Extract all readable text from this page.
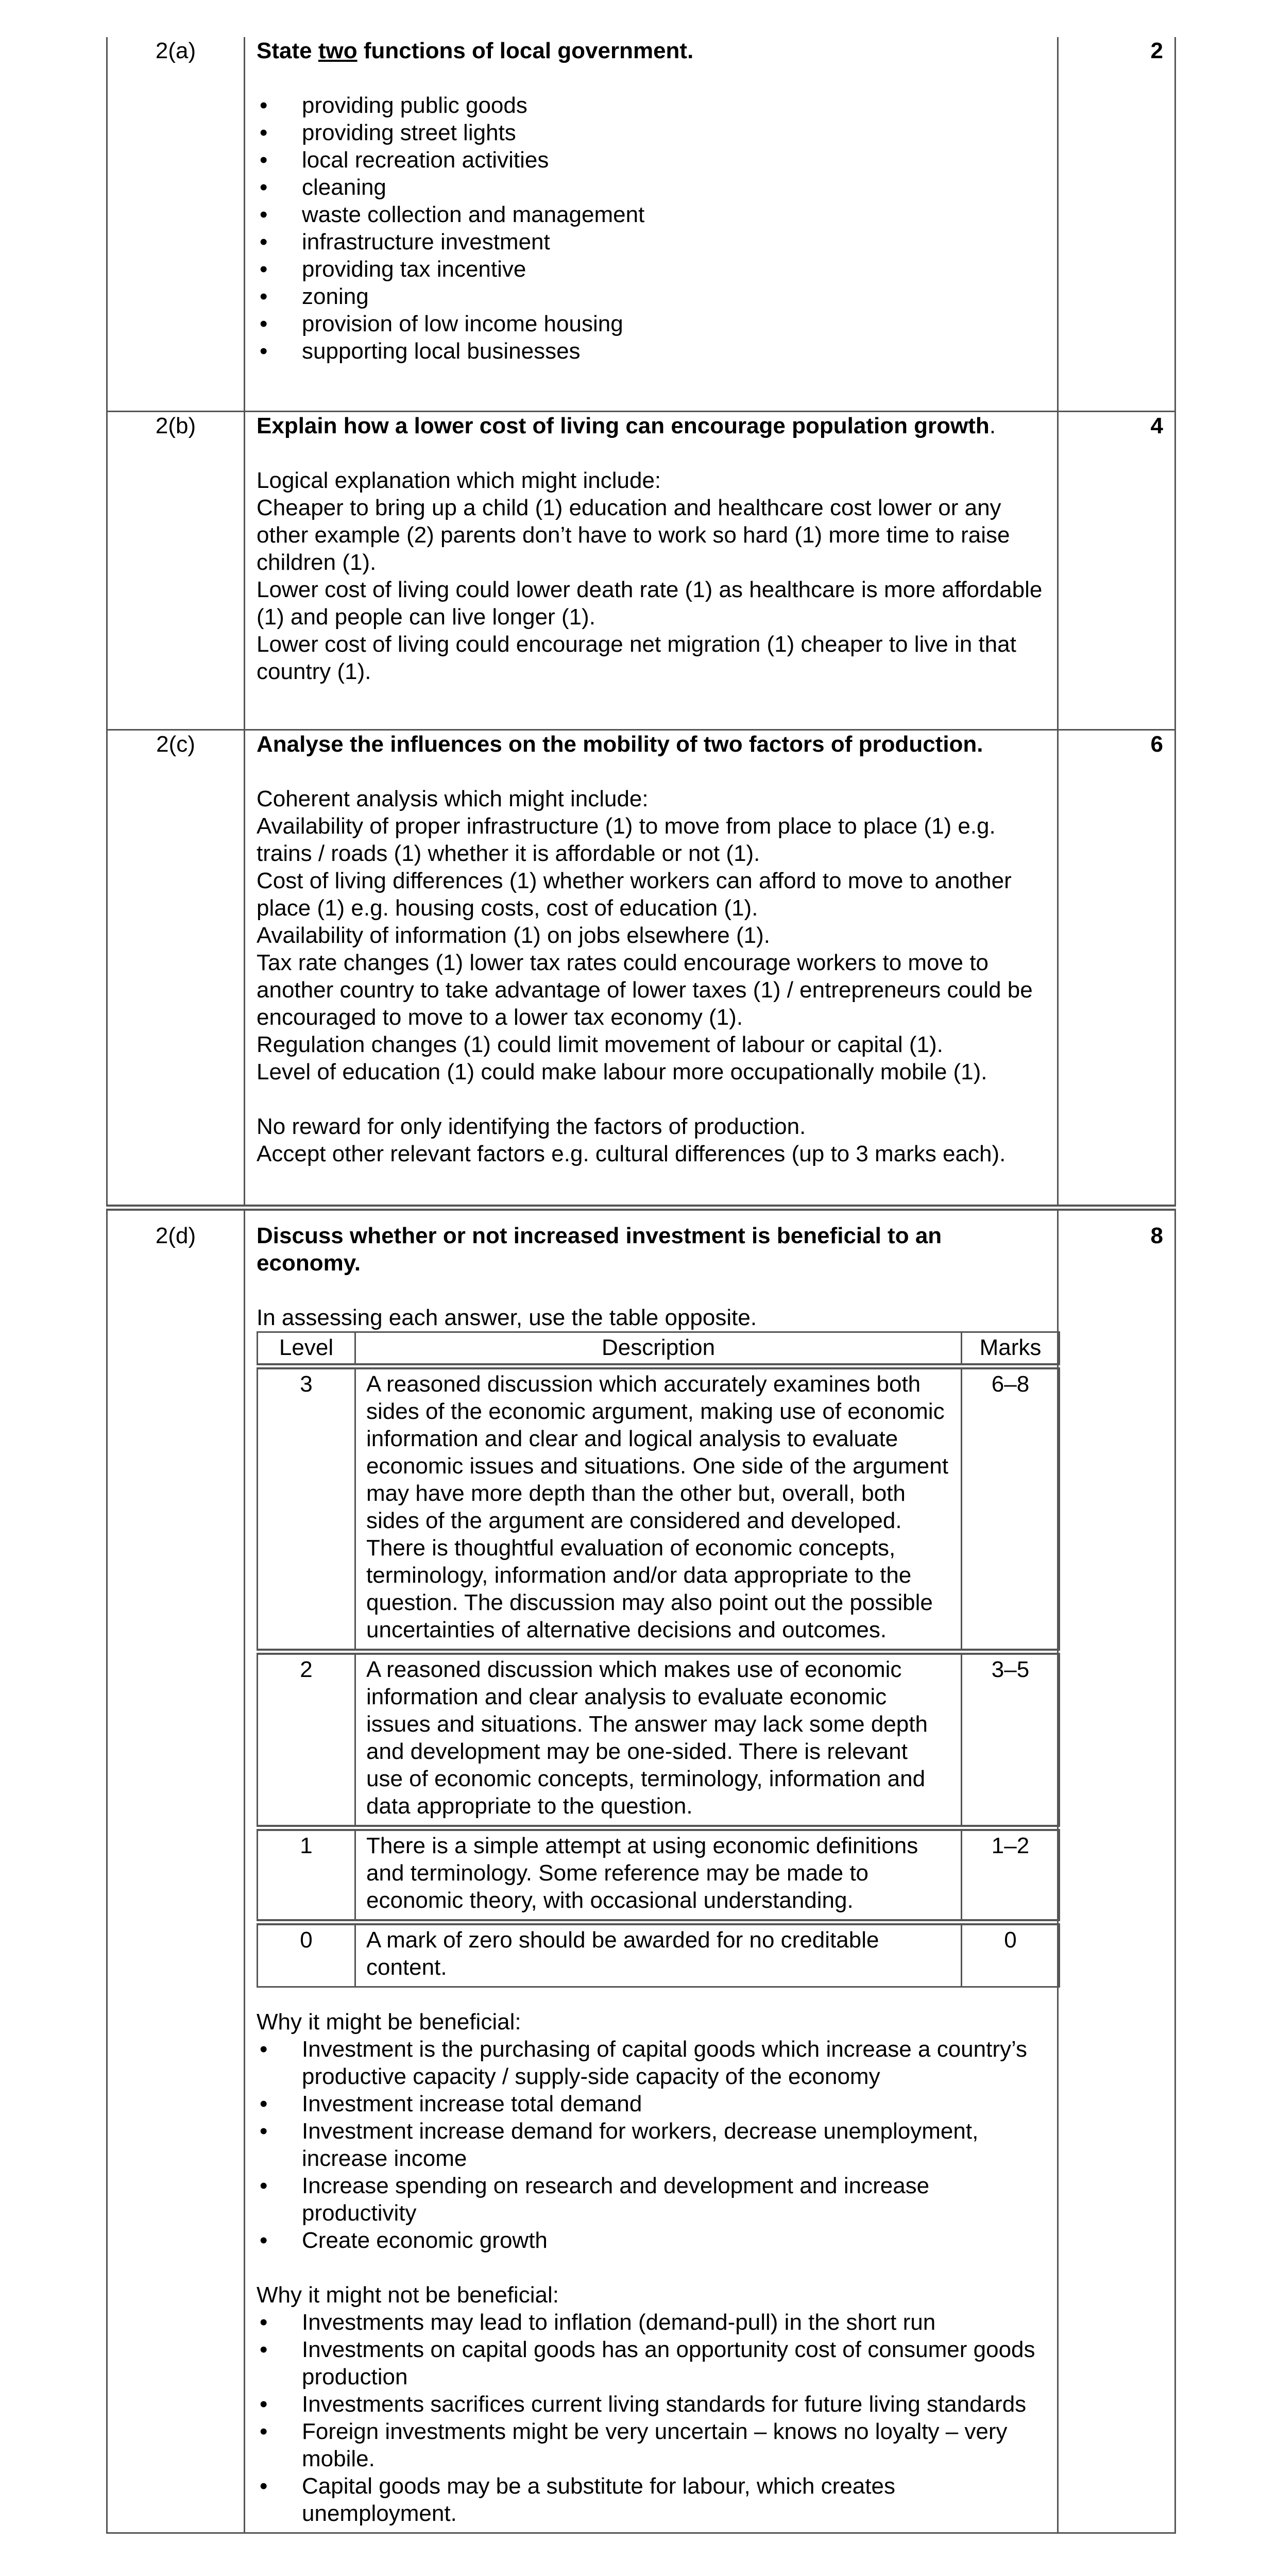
2(a)	State two functions of local government.

• providing public goods
• providing street lights
• local recreation activities
• cleaning
• waste collection and management
• infrastructure investment
• providing tax incentive
• zoning
• provision of low income housing
• supporting local businesses
	2
2(b)	Explain how a lower cost of living can encourage population growth.

Logical explanation which might include:

Cheaper to bring up a child (1) education and healthcare cost lower or any other example (2) parents don’t have to work so hard (1) more time to raise children (1).

Lower cost of living could lower death rate (1) as healthcare is more affordable (1) and people can live longer (1).

Lower cost of living could encourage net migration (1) cheaper to live in that country (1).

	4
2(c)	Analyse the influences on the mobility of two factors of production.

Coherent analysis which might include:

Availability of proper infrastructure (1) to move from place to place (1) e.g. trains / roads (1) whether it is affordable or not (1).

Cost of living differences (1) whether workers can afford to move to another place (1) e.g. housing costs, cost of education (1).

Availability of information (1) on jobs elsewhere (1).

Tax rate changes (1) lower tax rates could encourage workers to move to another country to take advantage of lower taxes (1) / entrepreneurs could be encouraged to move to a lower tax economy (1).

Regulation changes (1) could limit movement of labour or capital (1).

Level of education (1) could make labour more occupationally mobile (1).

No reward for only identifying the factors of production.

Accept other relevant factors e.g. cultural differences (up to 3 marks each).

	6
2(d)	Discuss whether or not increased investment is beneficial to an economy.

In assessing each answer, use the table opposite.

Level	Description	Marks
3	A reasoned discussion which accurately examines both sides of the economic argument, making use of economic information and clear and logical analysis to evaluate economic issues and situations. One side of the argument may have more depth than the other but, overall, both sides of the argument are considered and developed. There is thoughtful evaluation of economic concepts, terminology, information and/or data appropriate to the question. The discussion may also point out the possible uncertainties of alternative decisions and outcomes.	6–8
2	A reasoned discussion which makes use of economic information and clear analysis to evaluate economic issues and situations. The answer may lack some depth and development may be one-sided. There is relevant use of economic concepts, terminology, information and data appropriate to the question.	3–5
1	There is a simple attempt at using economic definitions and terminology. Some reference may be made to economic theory, with occasional understanding.	1–2
0	A mark of zero should be awarded for no creditable content.	0

Why it might be beneficial:

• Investment is the purchasing of capital goods which increase a country’s productive capacity / supply-side capacity of the economy
• Investment increase total demand
• Investment increase demand for workers, decrease unemployment, increase income
• Increase spending on research and development and increase productivity
• Create economic growth

Why it might not be beneficial:

• Investments may lead to inflation (demand-pull) in the short run
• Investments on capital goods has an opportunity cost of consumer goods production
• Investments sacrifices current living standards for future living standards
• Foreign investments might be very uncertain – knows no loyalty – very mobile.
• Capital goods may be a substitute for labour, which creates unemployment.
	8
